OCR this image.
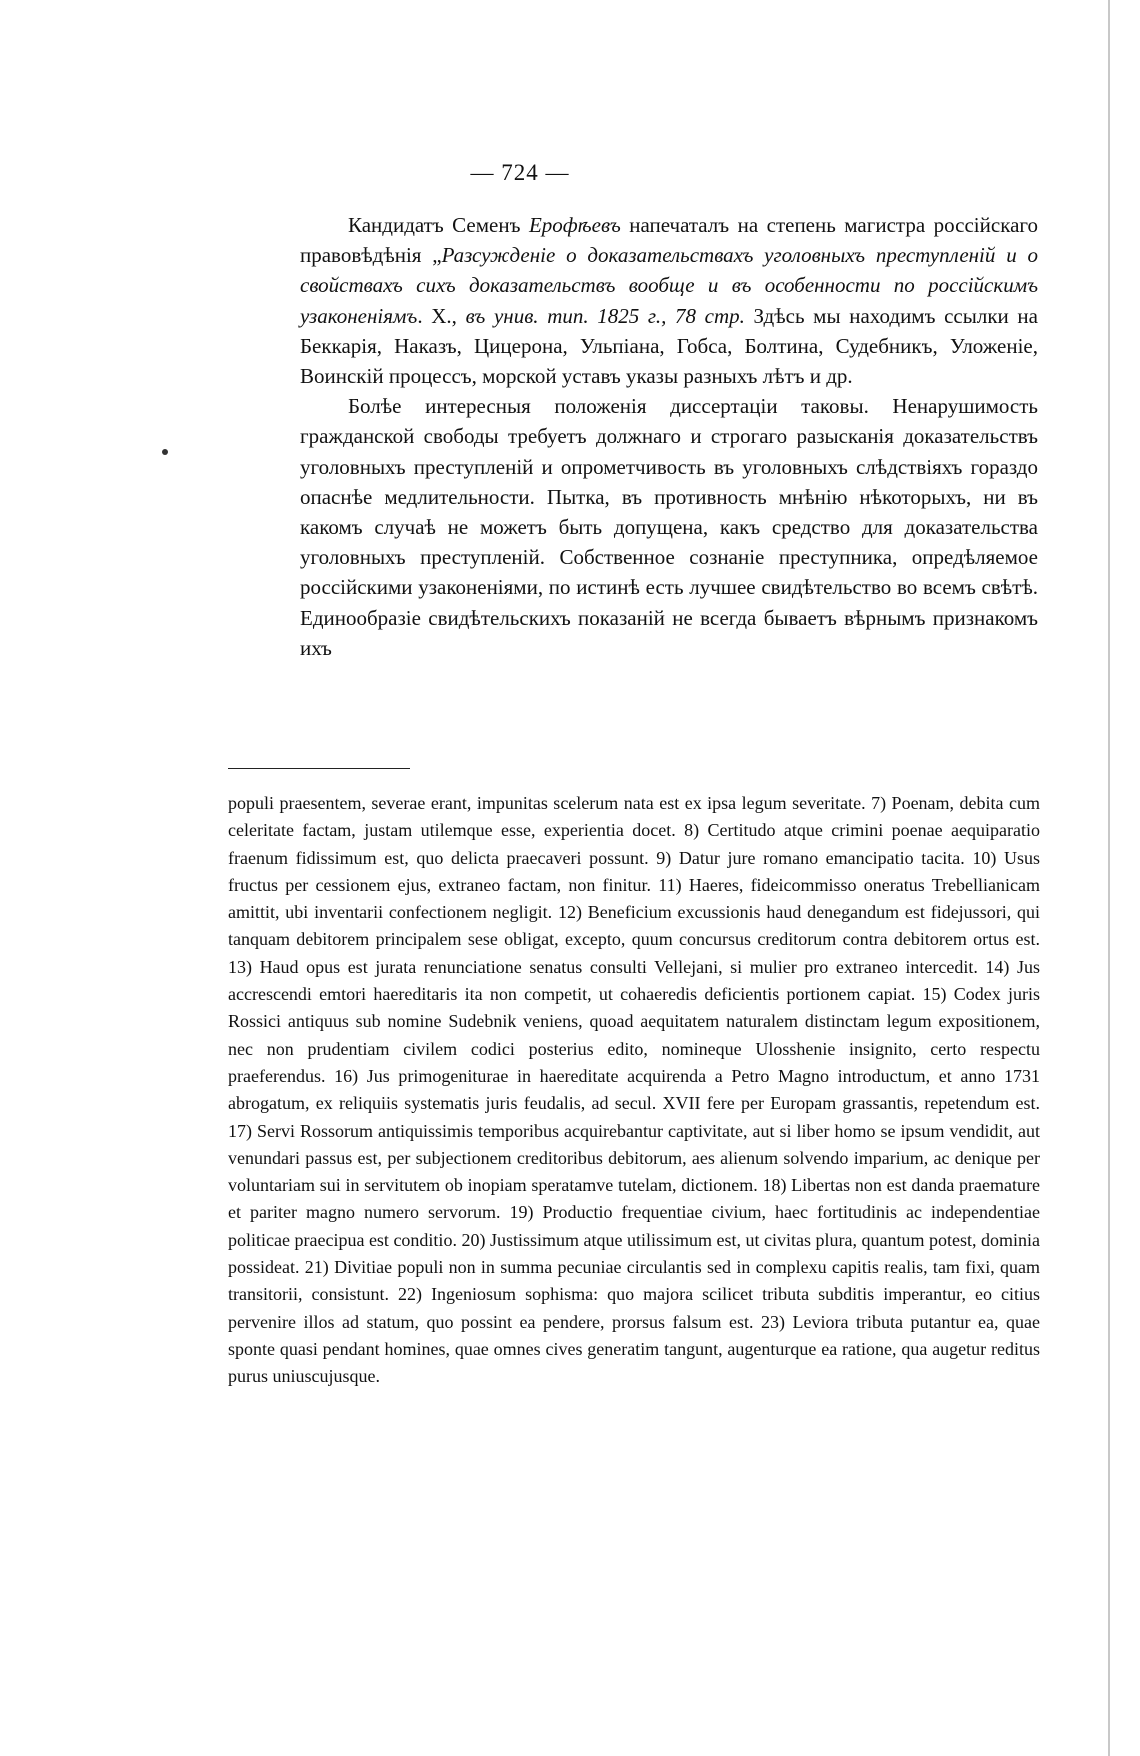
— 724 —

Кандидатъ Семенъ Ерофѣевъ напечаталъ на степень магистра россійскаго правовѣдѣнія „Разсужденіе о доказательствахъ уголовныхъ преступленій и о свойствахъ сихъ доказательствъ вообще и въ особенности по россійскимъ узаконеніямъ. X., въ унив. тип. 1825 г., 78 стр. Здѣсь мы находимъ ссылки на Беккарія, Наказъ, Цицерона, Ульпіана, Гобса, Болтина, Судебникъ, Уложеніе, Воинскій процессъ, морской уставъ указы разныхъ лѣтъ и др.

Болѣе интересныя положенія диссертаціи таковы. Ненарушимость гражданской свободы требуетъ должнаго и строгаго разысканія доказательствъ уголовныхъ преступленій и опрометчивость въ уголовныхъ слѣдствіяхъ гораздо опаснѣе медлительности. Пытка, въ противность мнѣнію нѣкоторыхъ, ни въ какомъ случаѣ не можетъ быть допущена, какъ средство для доказательства уголовныхъ преступленій. Собственное сознаніе преступника, опредѣляемое россійскими узаконеніями, по истинѣ есть лучшее свидѣтельство во всемъ свѣтѣ. Единообразіе свидѣтельскихъ показаній не всегда бываетъ вѣрнымъ признакомъ ихъ

populi praesentem, severae erant, impunitas scelerum nata est ex ipsa legum severitate. 7) Poenam, debita cum celeritate factam, justam utilemque esse, experientia docet. 8) Certitudo atque crimini poenae aequiparatio fraenum fidissimum est, quo delicta praecaveri possunt. 9) Datur jure romano emancipatio tacita. 10) Usus fructus per cessionem ejus, extraneo factam, non finitur. 11) Haeres, fideicommisso oneratus Trebellianicam amittit, ubi inventarii confectionem negligit. 12) Beneficium excussionis haud denegandum est fidejussori, qui tanquam debitorem principalem sese obligat, excepto, quum concursus creditorum contra debitorem ortus est. 13) Haud opus est jurata renunciatione senatus consulti Vellejani, si mulier pro extraneo intercedit. 14) Jus accrescendi emtori haereditaris ita non competit, ut cohaeredis deficientis portionem capiat. 15) Codex juris Rossici antiquus sub nomine Sudebnik veniens, quoad aequitatem naturalem distinctam legum expositionem, nec non prudentiam civilem codici posterius edito, nomineque Ulosshenie insignito, certo respectu praeferendus. 16) Jus primogeniturae in haereditate acquirenda a Petro Magno introductum, et anno 1731 abrogatum, ex reliquiis systematis juris feudalis, ad secul. XVII fere per Europam grassantis, repetendum est. 17) Servi Rossorum antiquissimis temporibus acquirebantur captivitate, aut si liber homo se ipsum vendidit, aut venundari passus est, per subjectionem creditoribus debitorum, aes alienum solvendo imparium, ac denique per voluntariam sui in servitutem ob inopiam speratamve tutelam, dictionem. 18) Libertas non est danda praemature et pariter magno numero servorum. 19) Productio frequentiae civium, haec fortitudinis ac independentiae politicae praecipua est conditio. 20) Justissimum atque utilissimum est, ut civitas plura, quantum potest, dominia possideat. 21) Divitiae populi non in summa pecuniae circulantis sed in complexu capitis realis, tam fixi, quam transitorii, consistunt. 22) Ingeniosum sophisma: quo majora scilicet tributa subditis imperantur, eo citius pervenire illos ad statum, quo possint ea pendere, prorsus falsum est. 23) Leviora tributa putantur ea, quae sponte quasi pendant homines, quae omnes cives generatim tangunt, augenturque ea ratione, qua augetur reditus purus uniuscujusque.
